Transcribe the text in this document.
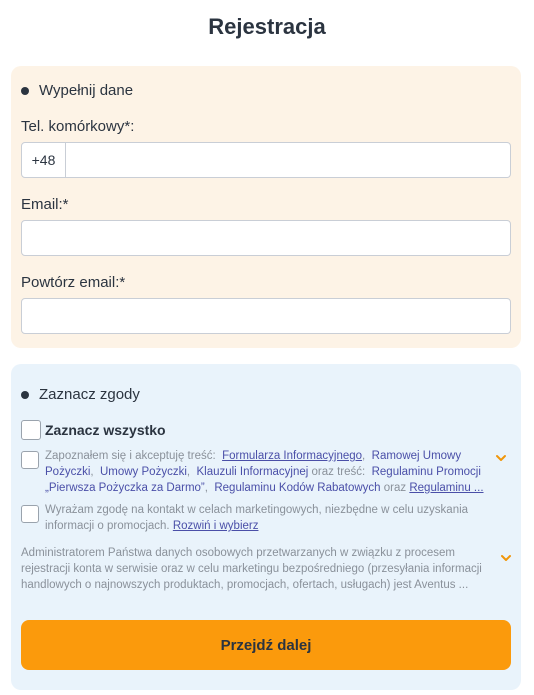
Rejestracja
Wypełnij dane
Tel. komórkowy*:
+48
Email:*
Powtórz email:*
Zaznacz zgody
Zaznacz wszystko
Zapoznałem się i akceptuję treść: Formularza Informacyjnego, Ramowej Umowy Pożyczki, Umowy Pożyczki, Klauzuli Informacyjnej oraz treść: Regulaminu Promocji „Pierwsza Pożyczka za Darmo”, Regulaminu Kodów Rabatowych oraz Regulaminu ...
Wyrażam zgodę na kontakt w celach marketingowych, niezbędne w celu uzyskania informacji o promocjach. Rozwiń i wybierz
Administratorem Państwa danych osobowych przetwarzanych w związku z procesem rejestracji konta w serwisie oraz w celu marketingu bezpośredniego (przesyłania informacji handlowych o najnowszych produktach, promocjach, ofertach, usługach) jest Aventus ...
Przejdź dalej
